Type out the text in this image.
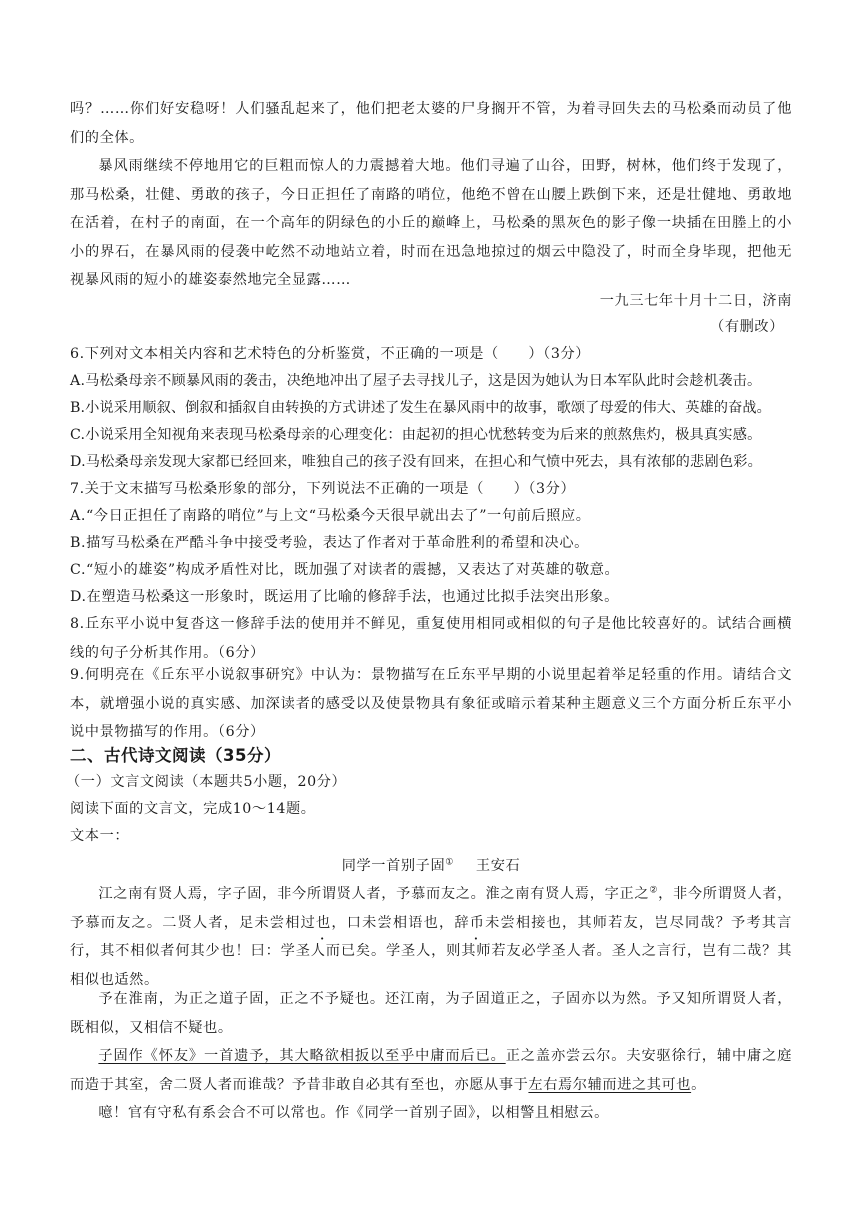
吗？……你们好安稳呀！人们骚乱起来了，他们把老太婆的尸身搁开不管，为着寻回失去的马松桑而动员了他们的全体。

暴风雨继续不停地用它的巨粗而惊人的力震撼着大地。他们寻遍了山谷，田野，树林，他们终于发现了，那马松桑，壮健、勇敢的孩子，今日正担任了南路的哨位，他绝不曾在山腰上跌倒下来，还是壮健地、勇敢地在活着，在村子的南面，在一个高年的阴绿色的小丘的巅峰上，马松桑的黑灰色的影子像一块插在田塍上的小小的界石，在暴风雨的侵袭中屹然不动地站立着，时而在迅急地掠过的烟云中隐没了，时而全身毕现，把他无视暴风雨的短小的雄姿泰然地完全显露……

一九三七年十月十二日，济南

（有删改）

6.下列对文本相关内容和艺术特色的分析鉴赏，不正确的一项是（　　）（3分）

A.马松桑母亲不顾暴风雨的袭击，决绝地冲出了屋子去寻找儿子，这是因为她认为日本军队此时会趁机袭击。

B.小说采用顺叙、倒叙和插叙自由转换的方式讲述了发生在暴风雨中的故事，歌颂了母爱的伟大、英雄的奋战。

C.小说采用全知视角来表现马松桑母亲的心理变化：由起初的担心忧愁转变为后来的煎熬焦灼，极具真实感。

D.马松桑母亲发现大家都已经回来，唯独自己的孩子没有回来，在担心和气愤中死去，具有浓郁的悲剧色彩。

7.关于文末描写马松桑形象的部分，下列说法不正确的一项是（　　）（3分）

A.“今日正担任了南路的哨位”与上文“马松桑今天很早就出去了”一句前后照应。

B.描写马松桑在严酷斗争中接受考验，表达了作者对于革命胜利的希望和决心。

C.“短小的雄姿”构成矛盾性对比，既加强了对读者的震撼，又表达了对英雄的敬意。

D.在塑造马松桑这一形象时，既运用了比喻的修辞手法，也通过比拟手法突出形象。

8.丘东平小说中复沓这一修辞手法的使用并不鲜见，重复使用相同或相似的句子是他比较喜好的。试结合画横线的句子分析其作用。（6分）

9.何明亮在《丘东平小说叙事研究》中认为：景物描写在丘东平早期的小说里起着举足轻重的作用。请结合文本，就增强小说的真实感、加深读者的感受以及使景物具有象征或暗示着某种主题意义三个方面分析丘东平小说中景物描写的作用。（6分）

二、古代诗文阅读（35分）

（一）文言文阅读（本题共5小题，20分）

阅读下面的文言文，完成10～14题。

文本一：

同学一首别子固① 王安石

江之南有贤人焉，字子固，非今所谓贤人者，予慕而友之。淮之南有贤人焉，字正之②，非今所谓贤人者，予慕而友之。二贤人者，足未尝相过也，口未尝相语也，辞币未尝相接也，其师若友，岂尽同哉？予考其言行，其不相似者何其少也！曰：学圣人而已矣。学圣人，则其师若友必学圣人者。圣人之言行，岂有二哉？其相似也适然。

予在淮南，为正之道子固，正之不予疑也。还江南，为子固道正之，子固亦以为然。予又知所谓贤人者，既相似，又相信不疑也。

子固作《怀友》一首遗予，其大略欲相扳以至乎中庸而后已。正之盖亦尝云尔。夫安驱徐行，辅中庸之庭而造于其室，舍二贤人者而谁哉？予昔非敢自必其有至也，亦愿从事于左右焉尔辅而进之其可也。

噫！官有守私有系会合不可以常也。作《同学一首别子固》，以相警且相慰云。
